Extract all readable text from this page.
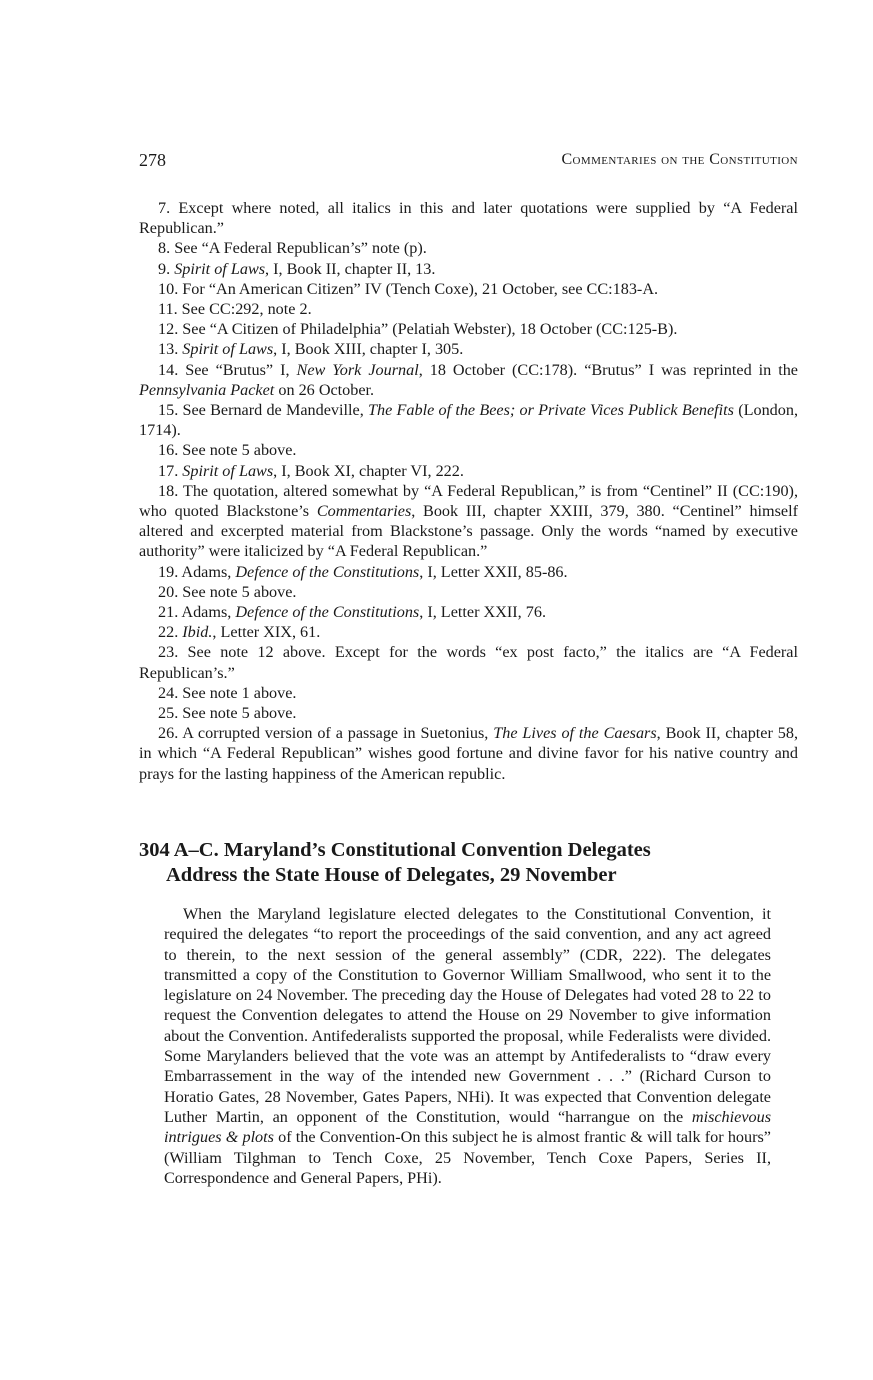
278	Commentaries on the Constitution

7. Except where noted, all italics in this and later quotations were supplied by “A Federal Republican.”

8. See “A Federal Republican’s” note (p).

9. Spirit of Laws, I, Book II, chapter II, 13.

10. For “An American Citizen” IV (Tench Coxe), 21 October, see CC:183-A.

11. See CC:292, note 2.

12. See “A Citizen of Philadelphia” (Pelatiah Webster), 18 October (CC:125-B).

13. Spirit of Laws, I, Book XIII, chapter I, 305.

14. See “Brutus” I, New York Journal, 18 October (CC:178). “Brutus” I was reprinted in the Pennsylvania Packet on 26 October.

15. See Bernard de Mandeville, The Fable of the Bees; or Private Vices Publick Benefits (London, 1714).

16. See note 5 above.

17. Spirit of Laws, I, Book XI, chapter VI, 222.

18. The quotation, altered somewhat by “A Federal Republican,” is from “Centinel” II (CC:190), who quoted Blackstone’s Commentaries, Book III, chapter XXIII, 379, 380. “Centinel” himself altered and excerpted material from Blackstone’s passage. Only the words “named by executive authority” were italicized by “A Federal Republican.”

19. Adams, Defence of the Constitutions, I, Letter XXII, 85-86.

20. See note 5 above.

21. Adams, Defence of the Constitutions, I, Letter XXII, 76.

22. Ibid., Letter XIX, 61.

23. See note 12 above. Except for the words “ex post facto,” the italics are “A Federal Republican’s.”

24. See note 1 above.

25. See note 5 above.

26. A corrupted version of a passage in Suetonius, The Lives of the Caesars, Book II, chapter 58, in which “A Federal Republican” wishes good fortune and divine favor for his native country and prays for the lasting happiness of the American republic.

304 A–C. Maryland’s Constitutional Convention Delegates
Address the State House of Delegates, 29 November

When the Maryland legislature elected delegates to the Constitutional Convention, it required the delegates “to report the proceedings of the said convention, and any act agreed to therein, to the next session of the general assembly” (CDR, 222). The delegates transmitted a copy of the Constitution to Governor William Smallwood, who sent it to the legislature on 24 November. The preceding day the House of Delegates had voted 28 to 22 to request the Convention delegates to attend the House on 29 November to give information about the Convention. Antifederalists supported the proposal, while Federalists were divided. Some Marylanders believed that the vote was an attempt by Antifederalists to “draw every Embarrassement in the way of the intended new Government . . .” (Richard Curson to Horatio Gates, 28 November, Gates Papers, NHi). It was expected that Convention delegate Luther Martin, an opponent of the Constitution, would “harrangue on the mischievous intrigues & plots of the Convention-On this subject he is almost frantic & will talk for hours” (William Tilghman to Tench Coxe, 25 November, Tench Coxe Papers, Series II, Correspondence and General Papers, PHi).
